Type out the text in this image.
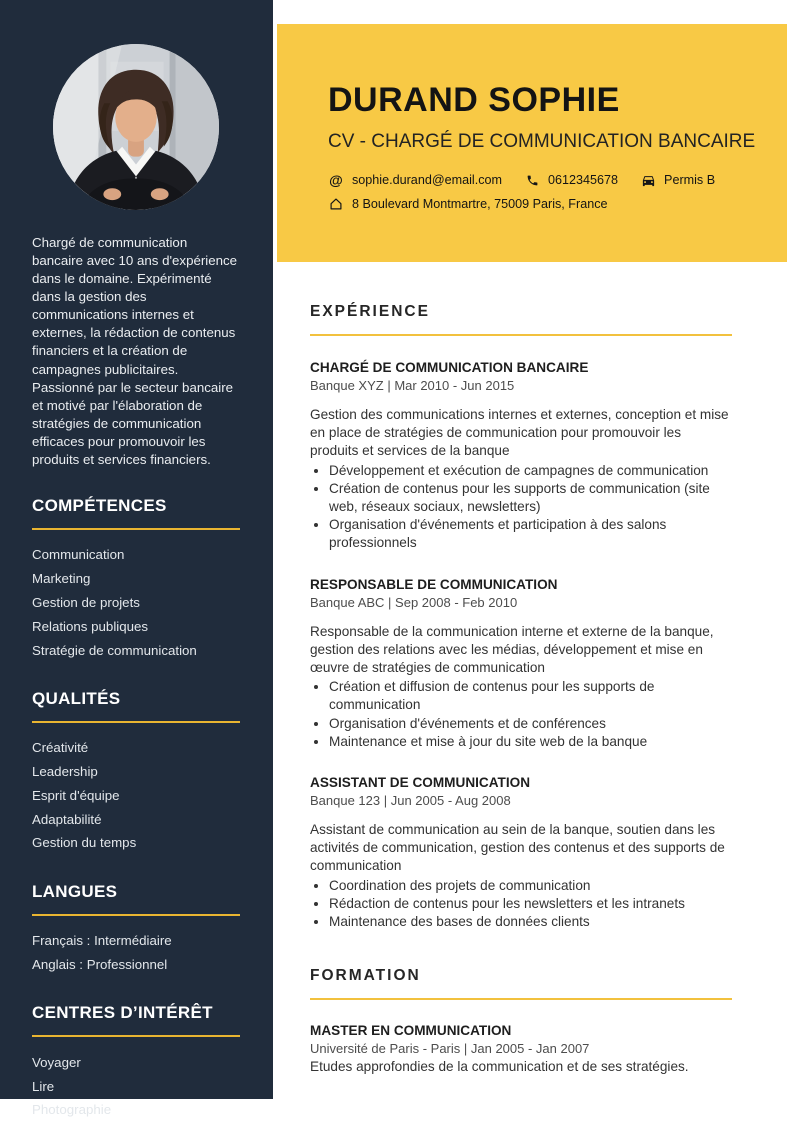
Chargé de communication bancaire avec 10 ans d'expérience dans le domaine. Expérimenté dans la gestion des communications internes et externes, la rédaction de contenus financiers et la création de campagnes publicitaires. Passionné par le secteur bancaire et motivé par l'élaboration de stratégies de communication efficaces pour promouvoir les produits et services financiers.

COMPÉTENCES
Communication
Marketing
Gestion de projets
Relations publiques
Stratégie de communication
QUALITÉS
Créativité
Leadership
Esprit d'équipe
Adaptabilité
Gestion du temps
LANGUES
Français : Intermédiaire
Anglais : Professionnel
CENTRES D’INTÉRÊT
Voyager
Lire
Photographie
DURAND SOPHIE
CV - CHARGÉ DE COMMUNICATION BANCAIRE
@ sophie.durand@email.com	0612345678	Permis B
8 Boulevard Montmartre, 75009 Paris, France
EXPÉRIENCE
CHARGÉ DE COMMUNICATION BANCAIRE
Banque XYZ | Mar 2010 - Jun 2015

Gestion des communications internes et externes, conception et mise en place de stratégies de communication pour promouvoir les produits et services de la banque

• Développement et exécution de campagnes de communication
• Création de contenus pour les supports de communication (site web, réseaux sociaux, newsletters)
• Organisation d'événements et participation à des salons professionnels
RESPONSABLE DE COMMUNICATION
Banque ABC | Sep 2008 - Feb 2010

Responsable de la communication interne et externe de la banque, gestion des relations avec les médias, développement et mise en œuvre de stratégies de communication

• Création et diffusion de contenus pour les supports de communication
• Organisation d'événements et de conférences
• Maintenance et mise à jour du site web de la banque
ASSISTANT DE COMMUNICATION
Banque 123 | Jun 2005 - Aug 2008

Assistant de communication au sein de la banque, soutien dans les activités de communication, gestion des contenus et des supports de communication

• Coordination des projets de communication
• Rédaction de contenus pour les newsletters et les intranets
• Maintenance des bases de données clients
FORMATION
MASTER EN COMMUNICATION
Université de Paris - Paris | Jan 2005 - Jan 2007

Etudes approfondies de la communication et de ses stratégies.
